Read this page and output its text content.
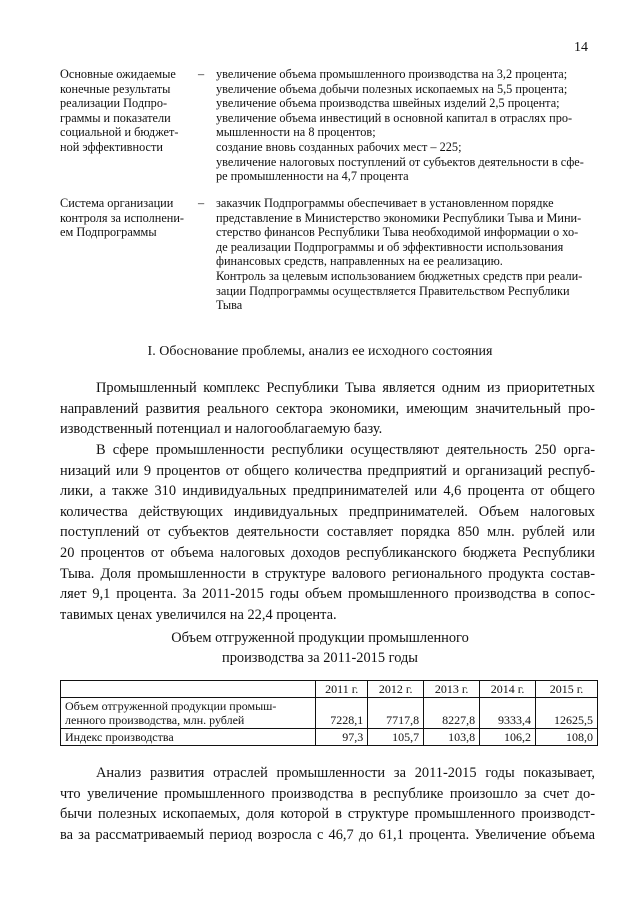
14
Основные ожидаемые
конечные результаты
реализации Подпро-
граммы и показатели
социальной и бюджет-
ной эффективности
– увеличение объема промышленного производства на 3,2 процента;
увеличение объема добычи полезных ископаемых на 5,5 процента;
увеличение объема производства швейных изделий 2,5 процента;
увеличение объема инвестиций в основной капитал в отраслях про-
мышленности на 8 процентов;
создание вновь созданных рабочих мест – 225;
увеличение налоговых поступлений от субъектов деятельности в сфе-
ре промышленности на 4,7 процента
Система организации
контроля за исполнени-
ем Подпрограммы
– заказчик Подпрограммы обеспечивает в установленном порядке
представление в Министерство экономики Республики Тыва и Мини-
стерство финансов Республики Тыва необходимой информации о хо-
де реализации Подпрограммы и об эффективности использования
финансовых средств, направленных на ее реализацию.
Контроль за целевым использованием бюджетных средств при реали-
зации Подпрограммы осуществляется Правительством Республики
Тыва
I. Обоснование проблемы, анализ ее исходного состояния
Промышленный комплекс Республики Тыва является одним из приоритетных
направлений развития реального сектора экономики, имеющим значительный про-
изводственный потенциал и налогооблагаемую базу.
В сфере промышленности республики осуществляют деятельность 250 орга-
низаций или 9 процентов от общего количества предприятий и организаций респуб-
лики, а также 310 индивидуальных предпринимателей или 4,6 процента от общего
количества действующих индивидуальных предпринимателей. Объем налоговых
поступлений от субъектов деятельности составляет порядка 850 млн. рублей или
20 процентов от объема налоговых доходов республиканского бюджета Республики
Тыва. Доля промышленности в структуре валового регионального продукта состав-
ляет 9,1 процента. За 2011-2015 годы объем промышленного производства в сопос-
тавимых ценах увеличился на 22,4 процента.
Объем отгруженной продукции промышленного
производства за 2011-2015 годы
	2011 г.	2012 г.	2013 г.	2014 г.	2015 г.

Объем отгруженной продукции промыш-
ленного производства, млн. рублей	7228,1	7717,8	8227,8	9333,4	12625,5

Индекс производства	97,3	105,7	103,8	106,2	108,0
Анализ развития отраслей промышленности за 2011-2015 годы показывает,
что увеличение промышленного производства в республике произошло за счет до-
бычи полезных ископаемых, доля которой в структуре промышленного производст-
ва за рассматриваемый период возросла с 46,7 до 61,1 процента. Увеличение объема
